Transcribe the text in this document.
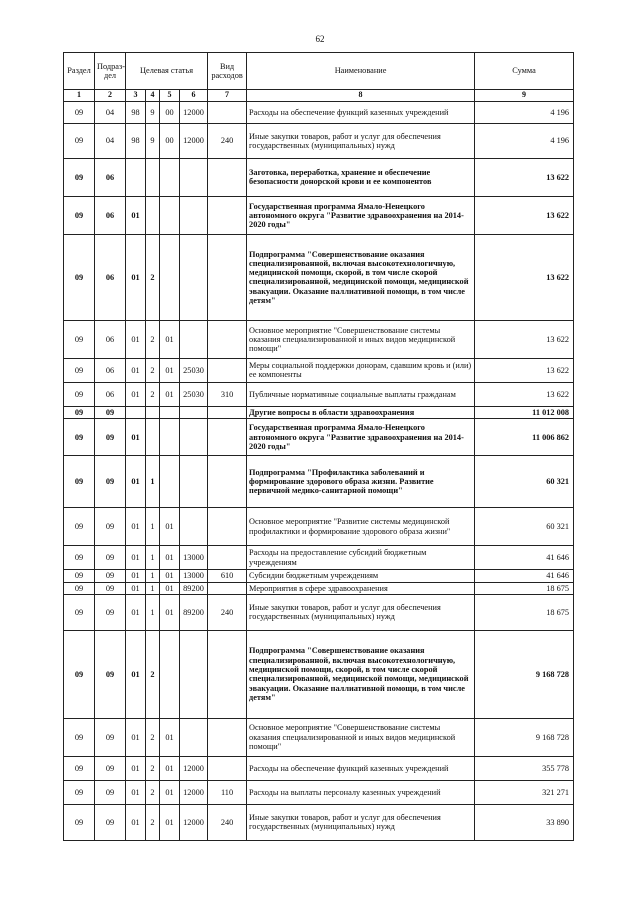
62
Раздел	Подраз-дел	Целевая статья				Вид расходов	Наименование	Сумма
1	2	3	4	5	6	7	8	9
09	04	98	9	00	12000		Расходы на обеспечение функций казенных учреждений	4 196
09	04	98	9	00	12000	240	Иные закупки товаров, работ и услуг для обеспечения государственных (муниципальных) нужд	4 196
09	06						Заготовка, переработка, хранение и обеспечение безопасности донорской крови и ее компонентов	13 622
09	06	01					Государственная программа Ямало-Ненецкого автономного округа "Развитие здравоохранения на 2014-2020 годы"	13 622
09	06	01	2				Подпрограмма "Совершенствование оказания специализированной, включая высокотехнологичную, медицинской помощи, скорой, в том числе скорой специализированной, медицинской помощи, медицинской эвакуации. Оказание паллиативной помощи, в том числе детям"	13 622
09	06	01	2	01			Основное мероприятие "Совершенствование системы оказания специализированной и иных видов медицинской помощи"	13 622
09	06	01	2	01	25030		Меры социальной поддержки донорам, сдавшим кровь и (или) ее компоненты	13 622
09	06	01	2	01	25030	310	Публичные нормативные социальные выплаты гражданам	13 622
09	09						Другие вопросы в области здравоохранения	11 012 008
09	09	01					Государственная программа Ямало-Ненецкого автономного округа "Развитие здравоохранения на 2014-2020 годы"	11 006 862
09	09	01	1				Подпрограмма "Профилактика заболеваний и формирование здорового образа жизни. Развитие первичной медико-санитарной помощи"	60 321
09	09	01	1	01			Основное мероприятие "Развитие системы медицинской профилактики и формирование здорового образа жизни"	60 321
09	09	01	1	01	13000		Расходы на предоставление субсидий бюджетным учреждениям	41 646
09	09	01	1	01	13000	610	Субсидии бюджетным учреждениям	41 646
09	09	01	1	01	89200		Мероприятия в сфере здравоохранения	18 675
09	09	01	1	01	89200	240	Иные закупки товаров, работ и услуг для обеспечения государственных (муниципальных) нужд	18 675
09	09	01	2				Подпрограмма "Совершенствование оказания специализированной, включая высокотехнологичную, медицинской помощи, скорой, в том числе скорой специализированной, медицинской помощи, медицинской эвакуации. Оказание паллиативной помощи, в том числе детям"	9 168 728
09	09	01	2	01			Основное мероприятие "Совершенствование системы оказания специализированной и иных видов медицинской помощи"	9 168 728
09	09	01	2	01	12000		Расходы на обеспечение функций казенных учреждений	355 778
09	09	01	2	01	12000	110	Расходы на выплаты персоналу казенных учреждений	321 271
09	09	01	2	01	12000	240	Иные закупки товаров, работ и услуг для обеспечения государственных (муниципальных) нужд	33 890
